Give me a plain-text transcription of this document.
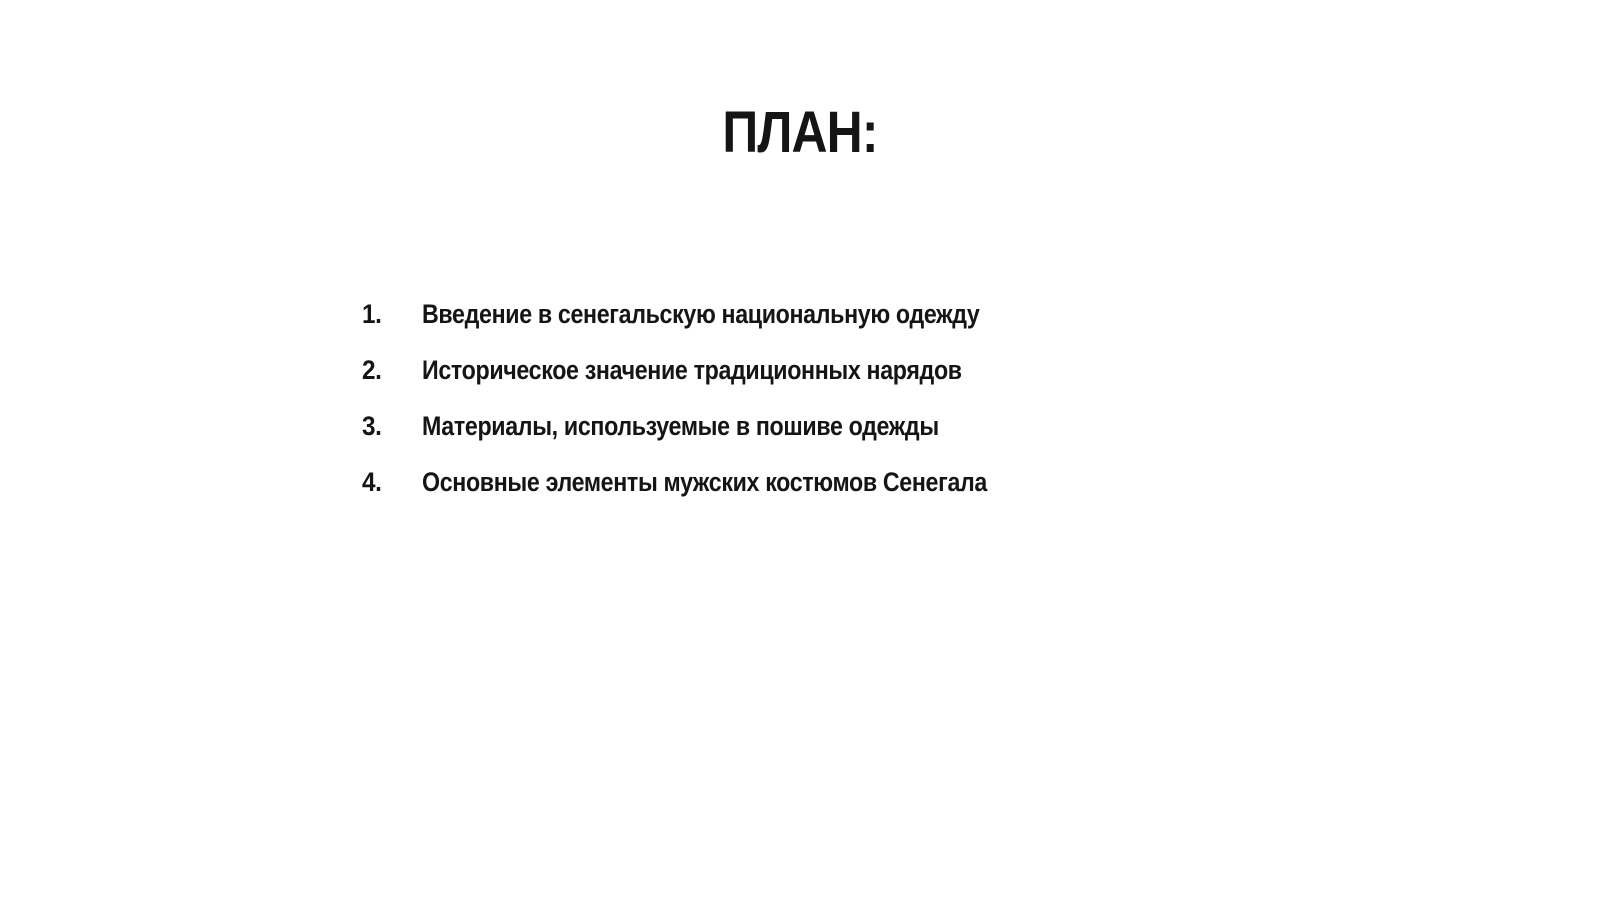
ПЛАН:
1.	Введение в сенегальскую национальную одежду
2.	Историческое значение традиционных нарядов
3.	Материалы, используемые в пошиве одежды
4.	Основные элементы мужских костюмов Сенегала
